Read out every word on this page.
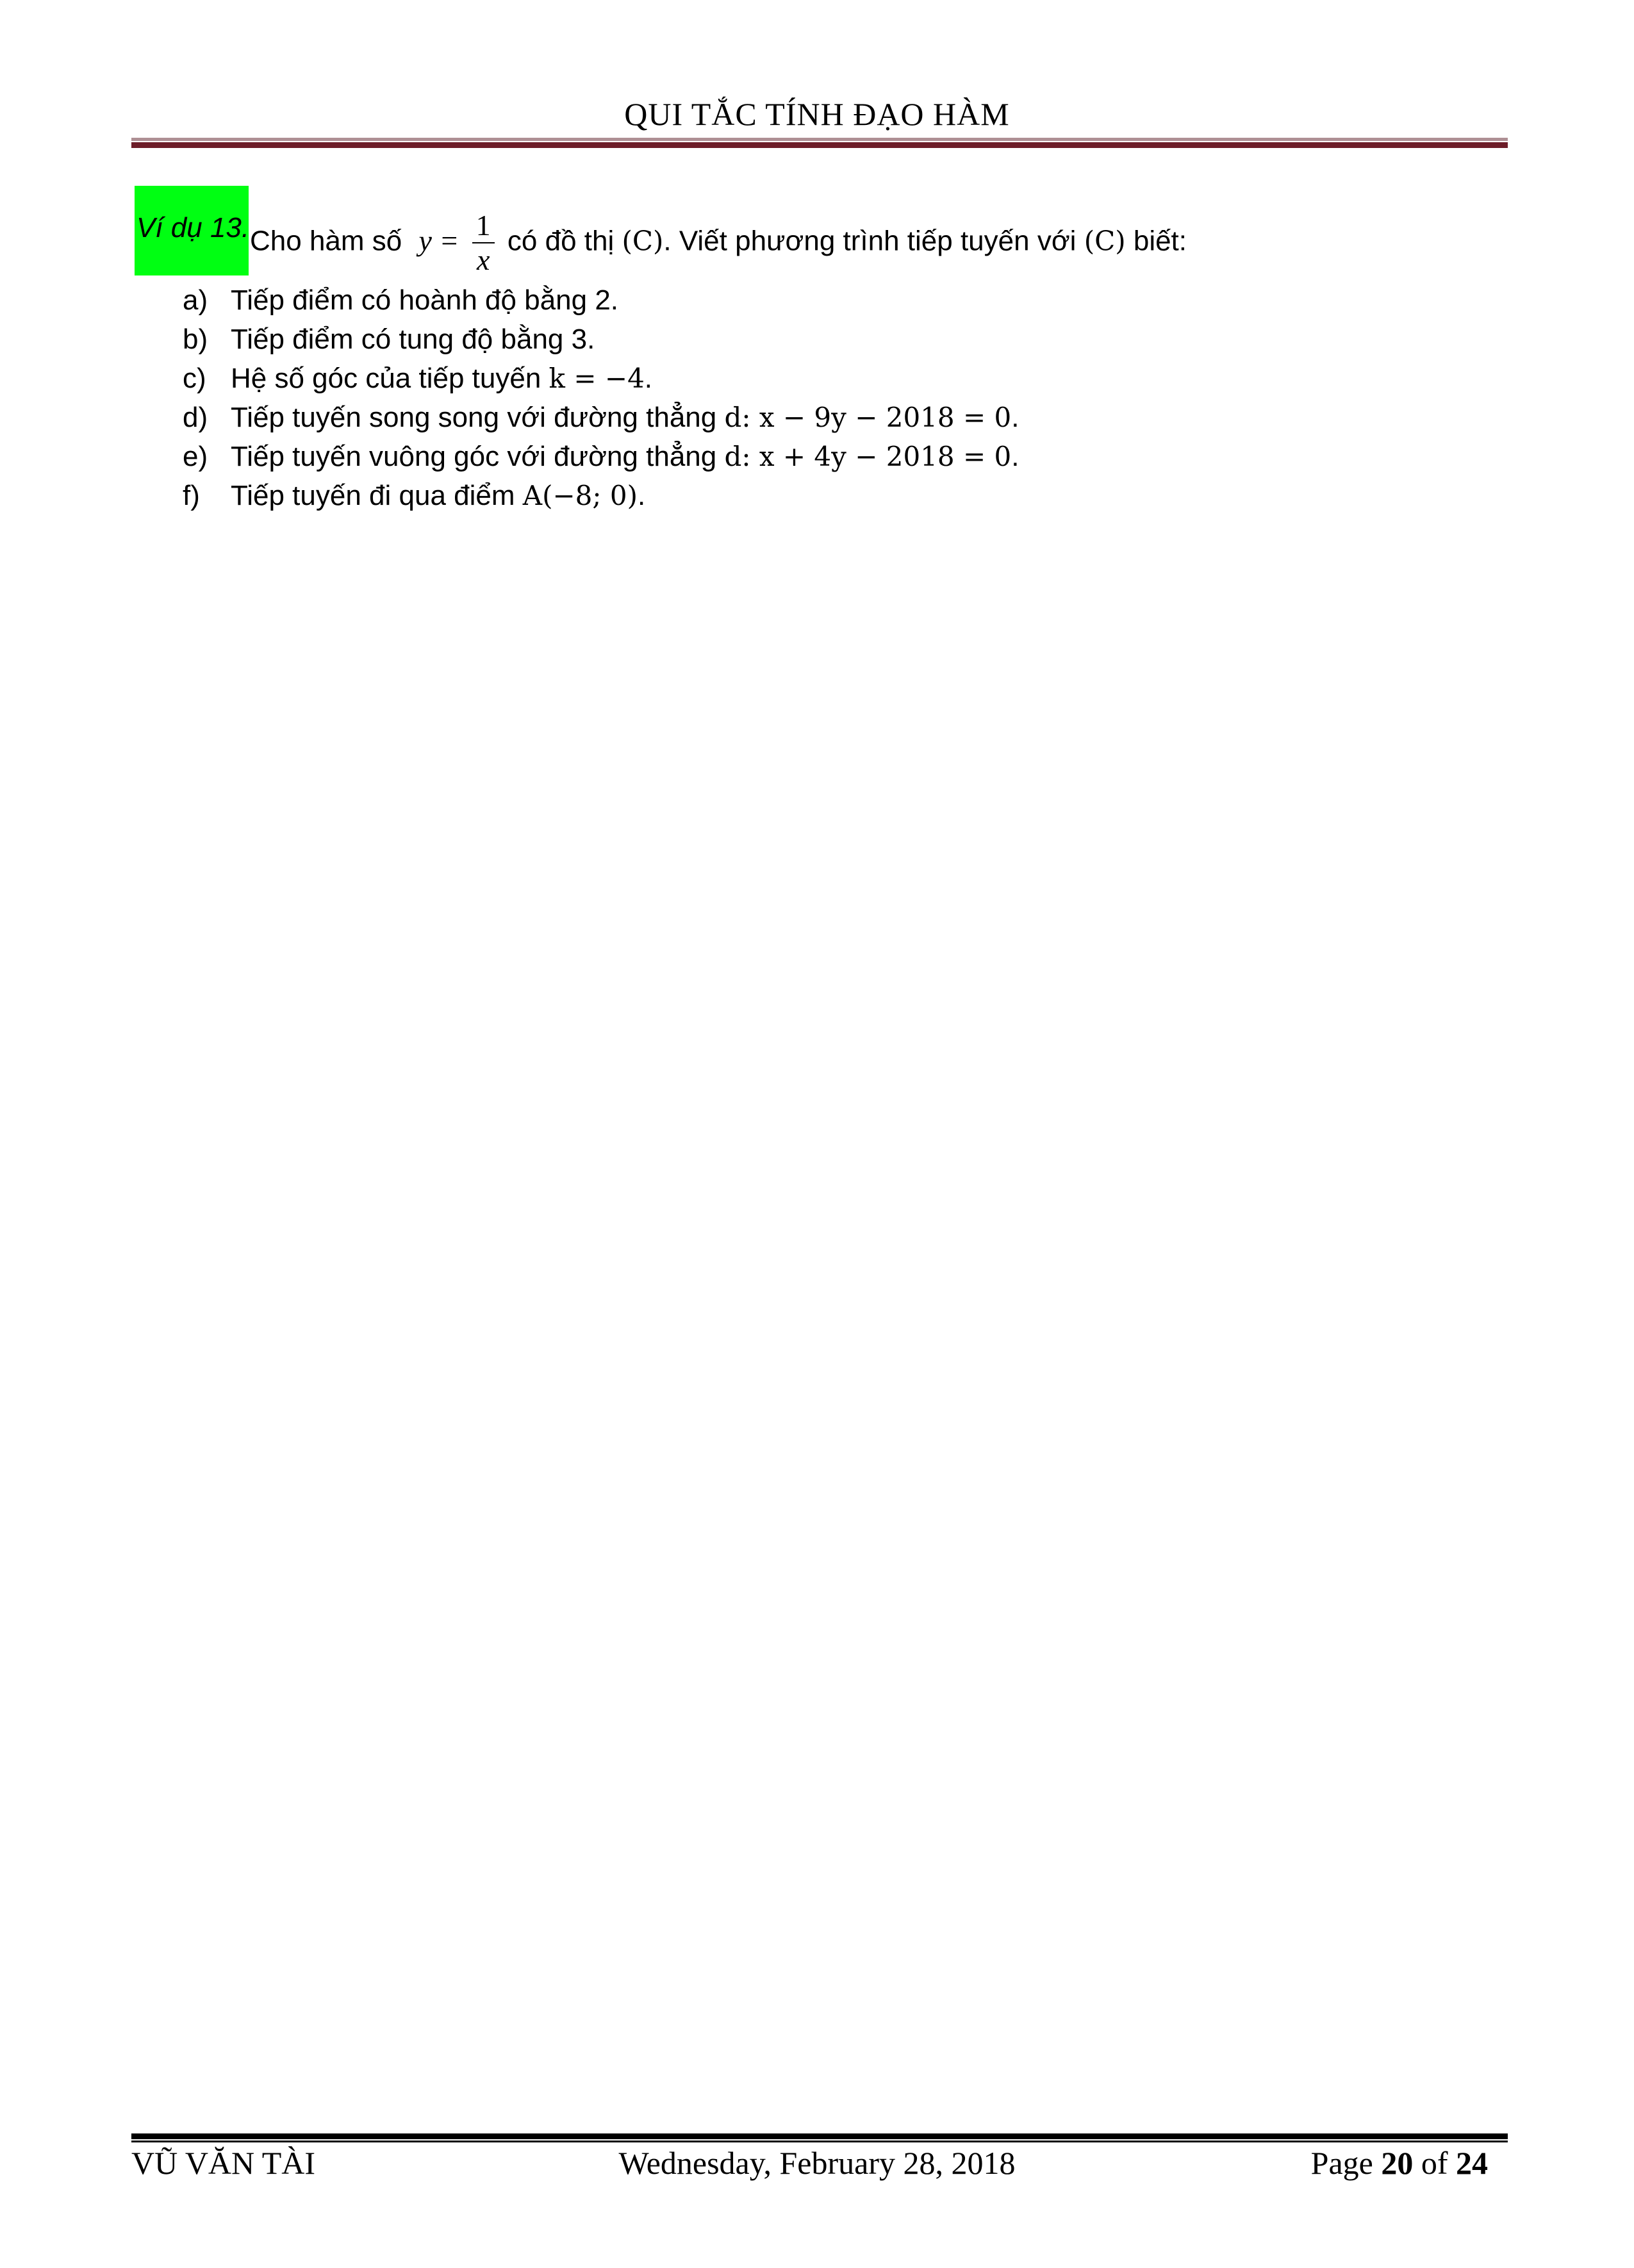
QUI TẮC TÍNH ĐẠO HÀM
Ví dụ 13. Cho hàm số $y = \frac{1}{x}$ có đồ thị (C). Viết phương trình tiếp tuyến với (C) biết:
a) Tiếp điểm có hoành độ bằng 2.
b) Tiếp điểm có tung độ bằng 3.
c) Hệ số góc của tiếp tuyến k = −4.
d) Tiếp tuyến song song với đường thẳng d: x − 9y − 2018 = 0.
e) Tiếp tuyến vuông góc với đường thẳng d: x + 4y − 2018 = 0.
f) Tiếp tuyến đi qua điểm A(−8; 0).
VŨ VĂN TÀI	Wednesday, February 28, 2018	Page 20 of 24
